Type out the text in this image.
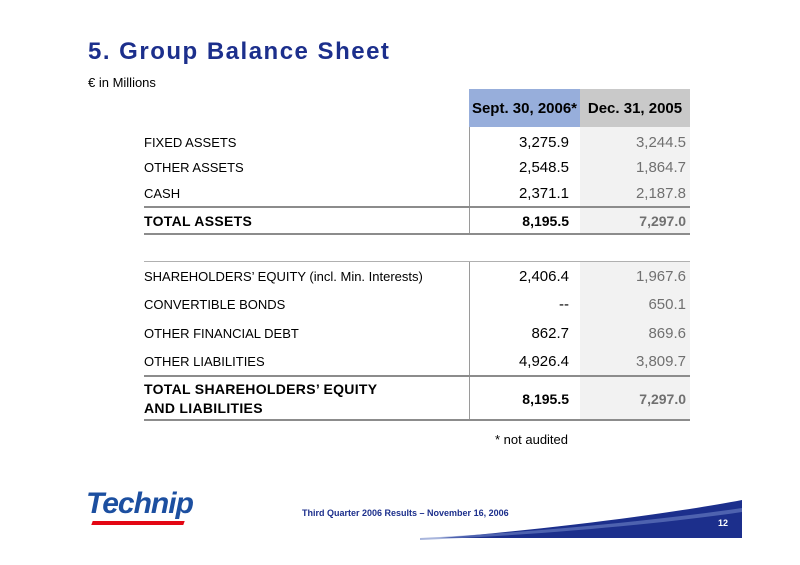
5. Group Balance Sheet
€ in Millions
Sept. 30, 2006* Dec. 31, 2005
FIXED ASSETS	3,275.9	3,244.5
OTHER ASSETS	2,548.5	1,864.7
CASH	2,371.1	2,187.8
TOTAL ASSETS	8,195.5	7,297.0
SHAREHOLDERS’ EQUITY (incl. Min. Interests)	2,406.4	1,967.6
CONVERTIBLE BONDS	--	650.1
OTHER FINANCIAL DEBT	862.7	869.6
OTHER LIABILITIES	4,926.4	3,809.7
TOTAL SHAREHOLDERS’ EQUITY
AND LIABILITIES
8,195.5	7,297.0
* not audited
Technip	Third Quarter 2006 Results – November 16, 2006
12
